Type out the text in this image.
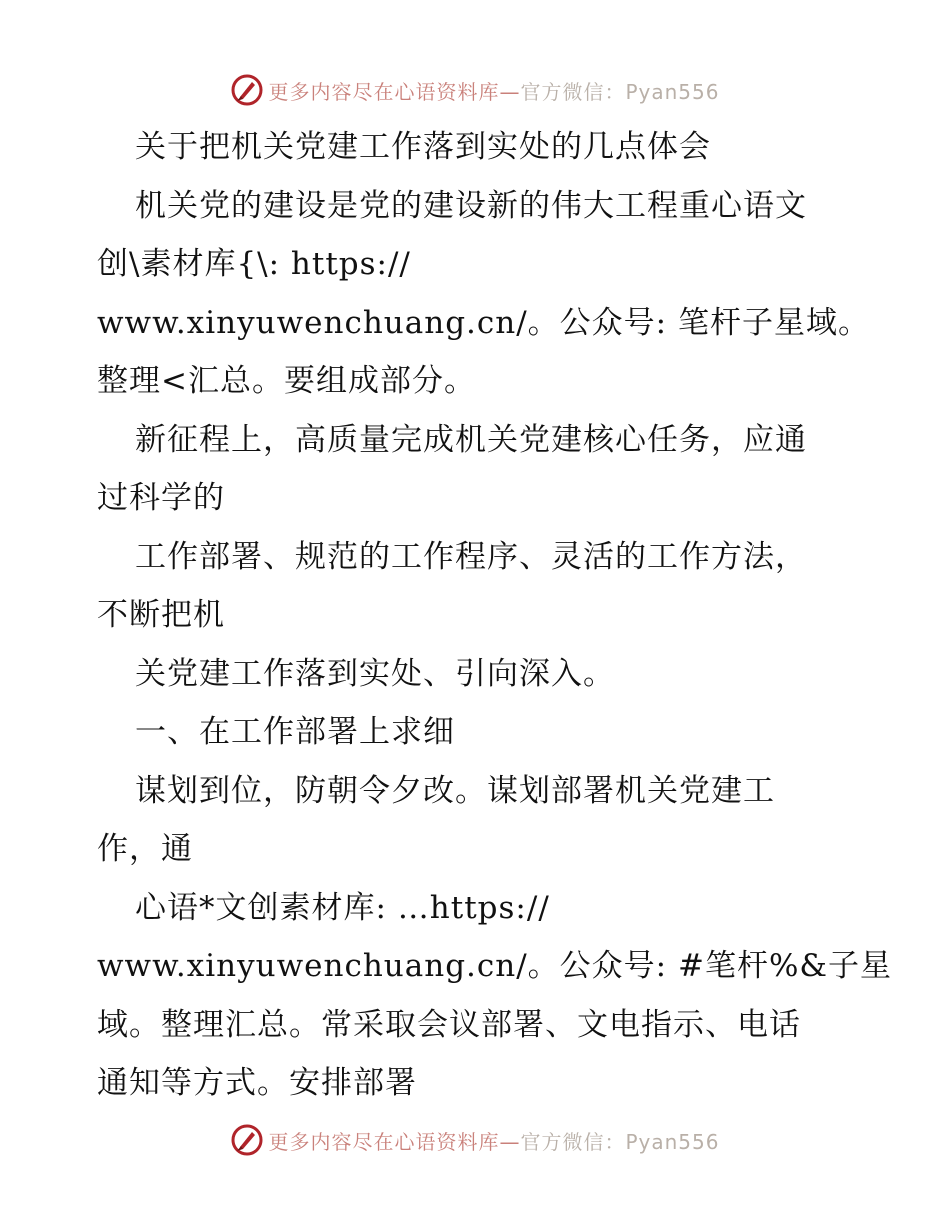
更多内容尽在心语资料库—官方微信：Pyan556
关于把机关党建工作落到实处的几点体会
机关党的建设是党的建设新的伟大工程重心语文
创\素材库{\: https://
www.xinyuwenchuang.cn/。公众号: 笔杆子星域。
整理<汇总。要组成部分。
新征程上，高质量完成机关党建核心任务，应通
过科学的
工作部署、规范的工作程序、灵活的工作方法，
不断把机
关党建工作落到实处、引向深入。
一、在工作部署上求细
谋划到位，防朝令夕改。谋划部署机关党建工
作，通
心语*文创素材库: …https://
www.xinyuwenchuang.cn/。公众号: #笔杆%&子星
域。整理汇总。常采取会议部署、文电指示、电话
通知等方式。安排部署
更多内容尽在心语资料库—官方微信：Pyan556
